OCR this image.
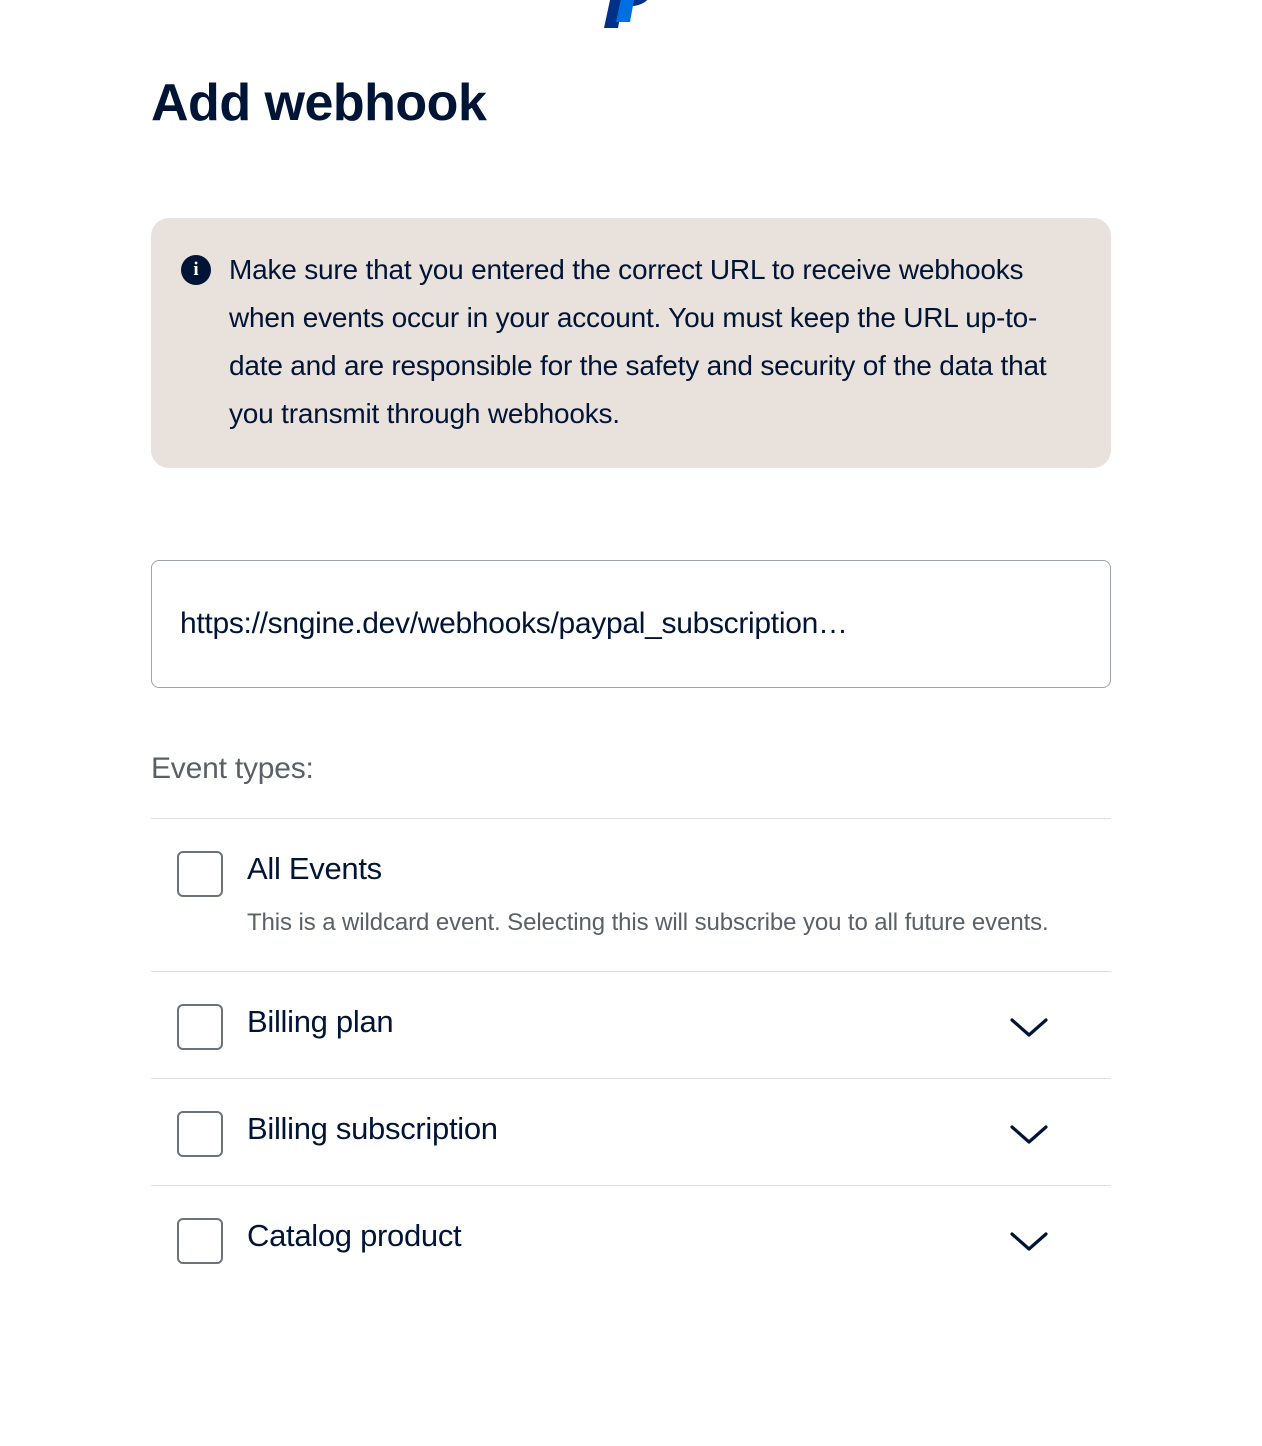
Add webhook
i	Make sure that you entered the correct URL to receive webhooks when events occur in your account. You must keep the URL up-to-date and are responsible for the safety and security of the data that you transmit through webhooks.
https://sngine.dev/webhooks/paypal_subscription…
Event types:
All Events
This is a wildcard event. Selecting this will subscribe you to all future events.
Billing plan
Billing subscription
Catalog product
